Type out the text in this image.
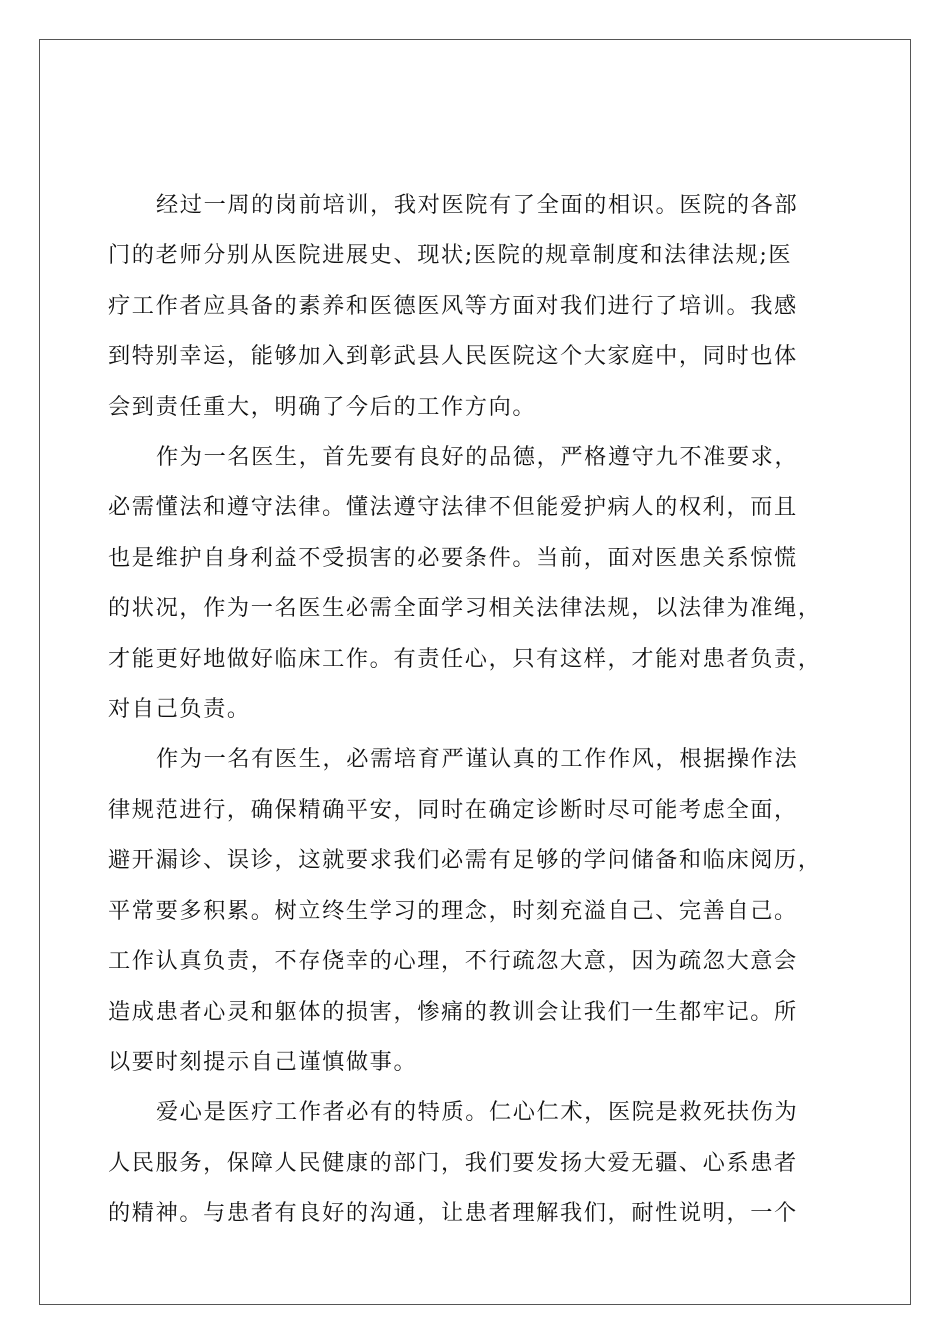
经过一周的岗前培训，我对医院有了全面的相识。医院的各部
门的老师分别从医院进展史、现状;医院的规章制度和法律法规;医
疗工作者应具备的素养和医德医风等方面对我们进行了培训。我感
到特别幸运，能够加入到彰武县人民医院这个大家庭中，同时也体
会到责任重大，明确了今后的工作方向。
作为一名医生，首先要有良好的品德，严格遵守九不准要求，
必需懂法和遵守法律。懂法遵守法律不但能爱护病人的权利，而且
也是维护自身利益不受损害的必要条件。当前，面对医患关系惊慌
的状况，作为一名医生必需全面学习相关法律法规，以法律为准绳，
才能更好地做好临床工作。有责任心，只有这样，才能对患者负责，
对自己负责。
作为一名有医生，必需培育严谨认真的工作作风，根据操作法
律规范进行，确保精确平安，同时在确定诊断时尽可能考虑全面，
避开漏诊、误诊，这就要求我们必需有足够的学问储备和临床阅历，
平常要多积累。树立终生学习的理念，时刻充溢自己、完善自己。
工作认真负责，不存侥幸的心理，不行疏忽大意，因为疏忽大意会
造成患者心灵和躯体的损害，惨痛的教训会让我们一生都牢记。所
以要时刻提示自己谨慎做事。
爱心是医疗工作者必有的特质。仁心仁术，医院是救死扶伤为
人民服务，保障人民健康的部门，我们要发扬大爱无疆、心系患者
的精神。与患者有良好的沟通，让患者理解我们，耐性说明，一个
